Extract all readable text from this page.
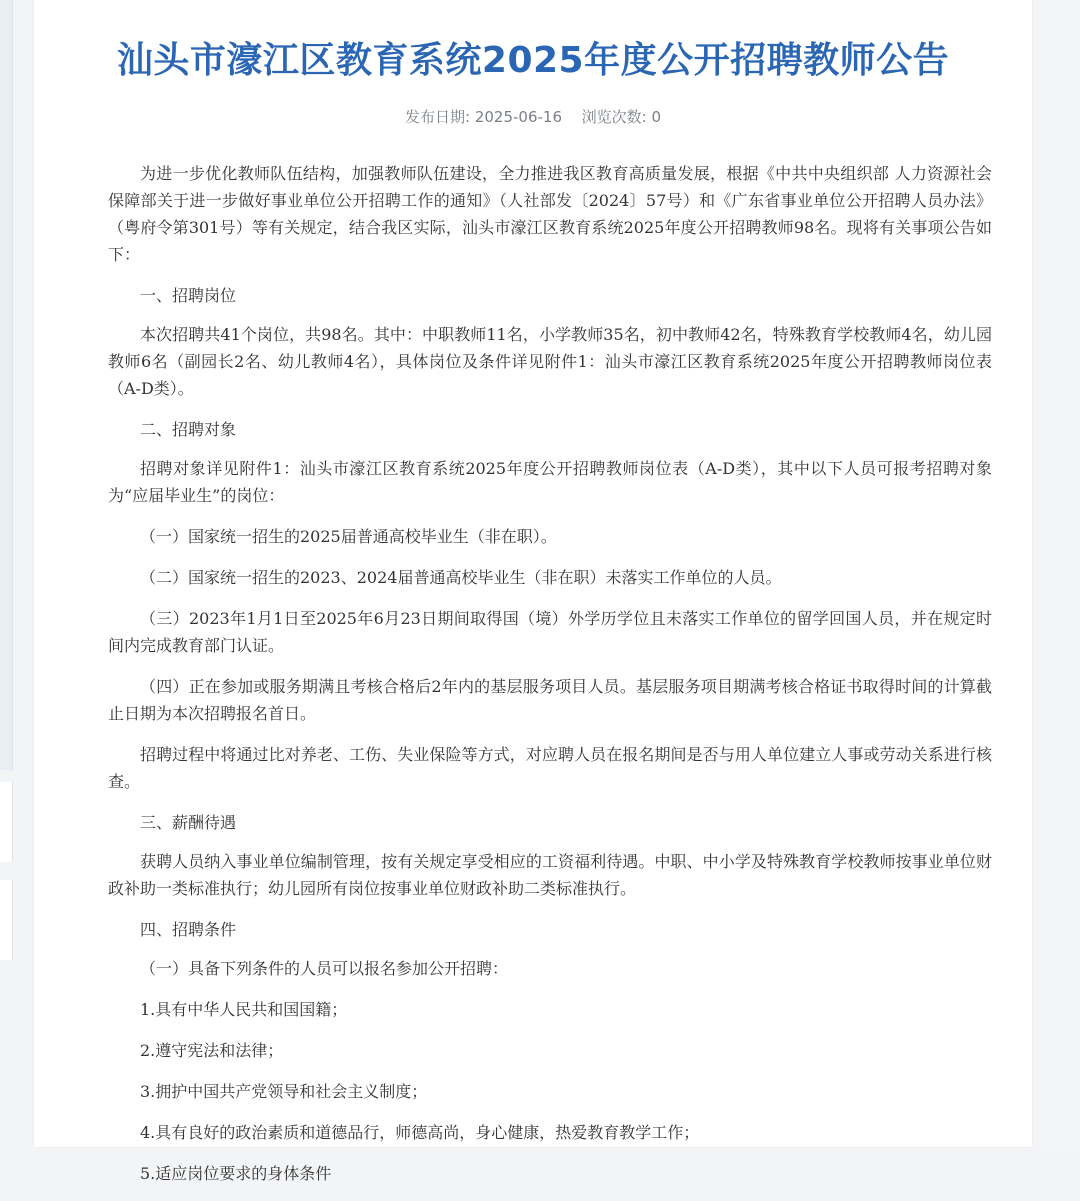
汕头市濠江区教育系统2025年度公开招聘教师公告
发布日期: 2025-06-16 浏览次数: 0

为进一步优化教师队伍结构，加强教师队伍建设，全力推进我区教育高质量发展，根据《中共中央组织部 人力资源社会保障部关于进一步做好事业单位公开招聘工作的通知》（人社部发〔2024〕57号）和《广东省事业单位公开招聘人员办法》（粤府令第301号）等有关规定，结合我区实际，汕头市濠江区教育系统2025年度公开招聘教师98名。现将有关事项公告如下：

一、招聘岗位

本次招聘共41个岗位，共98名。其中：中职教师11名，小学教师35名，初中教师42名，特殊教育学校教师4名，幼儿园教师6名（副园长2名、幼儿教师4名），具体岗位及条件详见附件1：汕头市濠江区教育系统2025年度公开招聘教师岗位表（A-D类）。

二、招聘对象

招聘对象详见附件1：汕头市濠江区教育系统2025年度公开招聘教师岗位表（A-D类），其中以下人员可报考招聘对象为“应届毕业生”的岗位：

（一）国家统一招生的2025届普通高校毕业生（非在职）。

（二）国家统一招生的2023、2024届普通高校毕业生（非在职）未落实工作单位的人员。

（三）2023年1月1日至2025年6月23日期间取得国（境）外学历学位且未落实工作单位的留学回国人员，并在规定时间内完成教育部门认证。

（四）正在参加或服务期满且考核合格后2年内的基层服务项目人员。基层服务项目期满考核合格证书取得时间的计算截止日期为本次招聘报名首日。

招聘过程中将通过比对养老、工伤、失业保险等方式，对应聘人员在报名期间是否与用人单位建立人事或劳动关系进行核查。

三、薪酬待遇

获聘人员纳入事业单位编制管理，按有关规定享受相应的工资福利待遇。中职、中小学及特殊教育学校教师按事业单位财政补助一类标准执行；幼儿园所有岗位按事业单位财政补助二类标准执行。

四、招聘条件

（一）具备下列条件的人员可以报名参加公开招聘：

1.具有中华人民共和国国籍；

2.遵守宪法和法律；

3.拥护中国共产党领导和社会主义制度；

4.具有良好的政治素质和道德品行，师德高尚，身心健康，热爱教育教学工作；

5.适应岗位要求的身体条件
